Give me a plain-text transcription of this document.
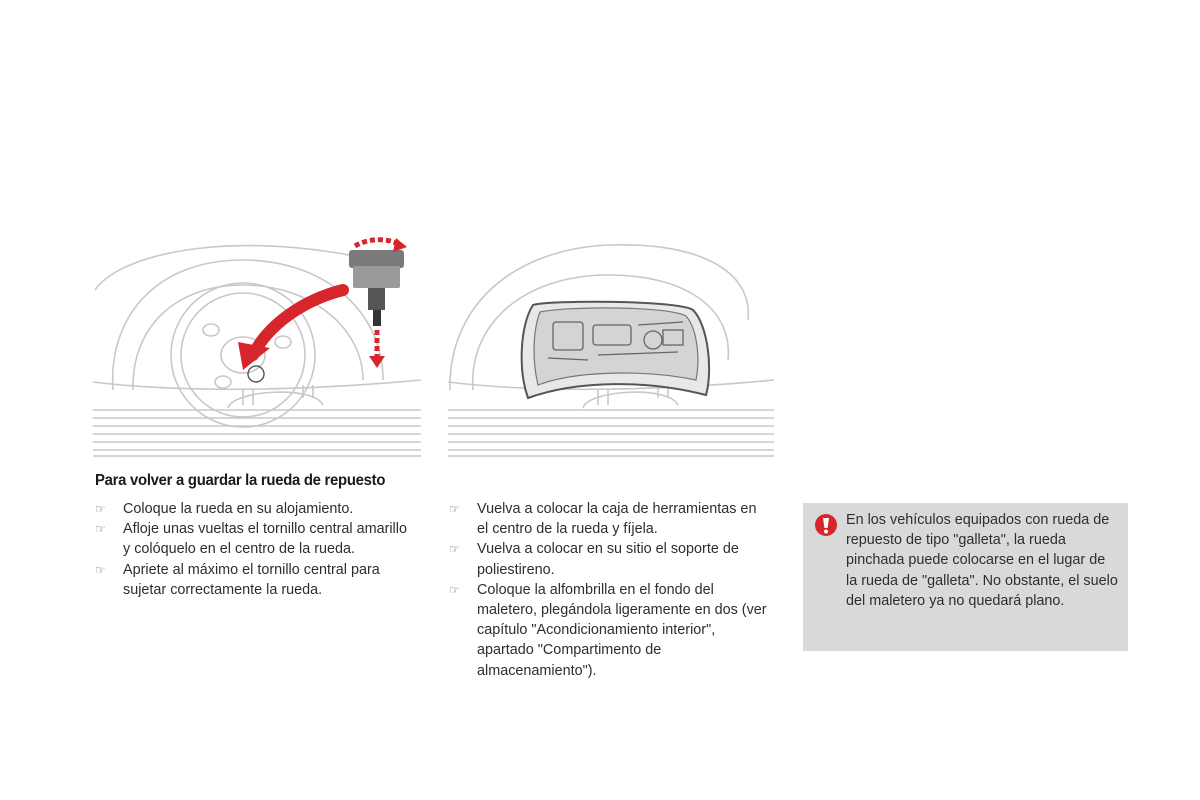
Para volver a guardar la rueda de repuesto
☞ Coloque la rueda en su alojamiento.
☞ Afloje unas vueltas el tornillo central amarillo y colóquelo en el centro de la rueda.
☞ Apriete al máximo el tornillo central para sujetar correctamente la rueda.
☞ Vuelva a colocar la caja de herramientas en el centro de la rueda y fíjela.
☞ Vuelva a colocar en su sitio el soporte de poliestireno.
☞ Coloque la alfombrilla en el fondo del maletero, plegándola ligeramente en dos (ver capítulo "Acondicionamiento interior", apartado "Compartimento de almacenamiento").

En los vehículos equipados con rueda de repuesto de tipo "galleta", la rueda pinchada puede colocarse en el lugar de la rueda de "galleta". No obstante, el suelo del maletero ya no quedará plano.
